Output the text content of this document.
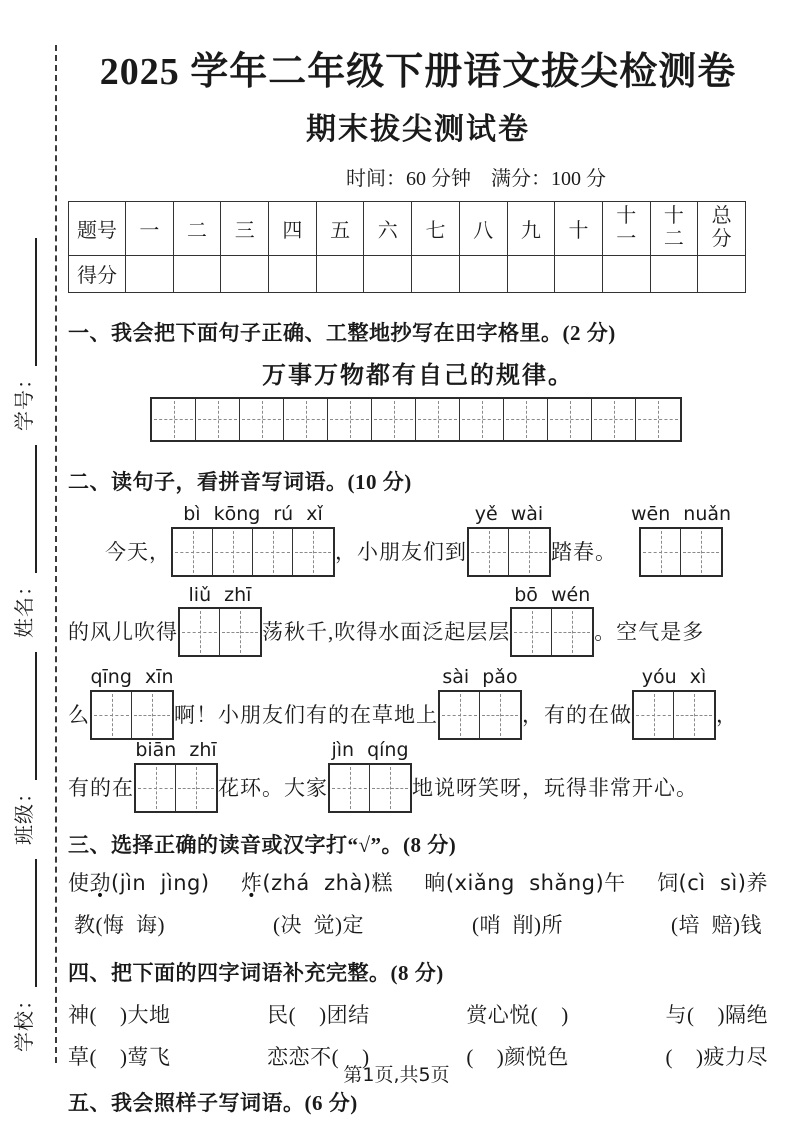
学校：
班级：
姓名：
学号：
2025 学年二年级下册语文拔尖检测卷
期末拔尖测试卷
时间：60 分钟    满分：100 分
题号	一	二	三	四	五	六	七	八	九	十	十一	十二	总分
得分													
一、我会把下面句子正确、工整地抄写在田字格里。(2 分)
万事万物都有自己的规律。
二、读句子，看拼音写词语。(10 分)
今天，
bì kōng rú xǐ
，小朋友们到
yě wài
踏春。
wēn nuǎn
的风儿吹得
liǔ zhī
荡秋千,吹得水面泛起层层
bō wén
。空气是多
么
qīng xīn
啊！小朋友们有的在草地上
sài pǎo
，有的在做
yóu xì
，
有的在
biān zhī
花环。大家
jìn qíng
地说呀笑呀，玩得非常开心。
三、选择正确的读音或汉字打“√”。(8 分)
使劲(jìn  jìng) 炸(zhá  zhà)糕 晌(xiǎng  shǎng)午 饲(cì  sì)养
教(悔  诲)	(决  觉)定	(哨  削)所	(培  赔)钱
四、把下面的四字词语补充完整。(8 分)
神(    )大地	民(    )团结	赏心悦(    )	与(    )隔绝
草(    )莺飞	恋恋不(    )	(    )颜悦色	(    )疲力尽
五、我会照样子写词语。(6 分)
第1页,共5页
